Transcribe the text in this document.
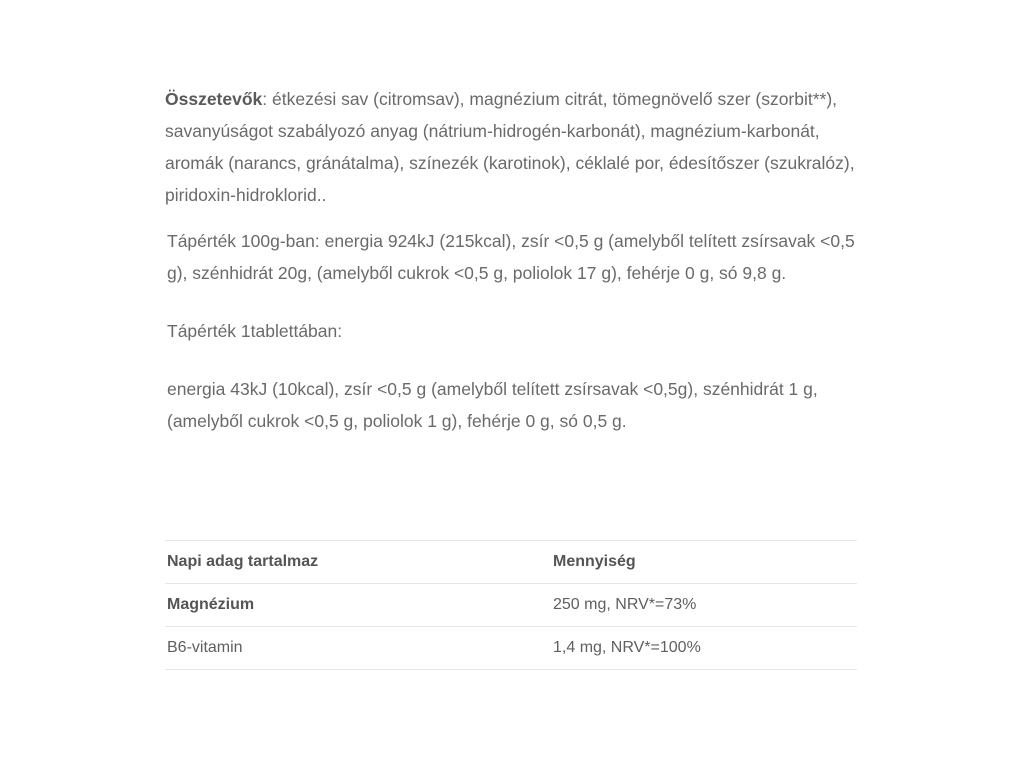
Összetevők: étkezési sav (citromsav), magnézium citrát, tömegnövelő szer (szorbit**), savanyúságot szabályozó anyag (nátrium-hidrogén-karbonát), magnézium-karbonát, aromák (narancs, gránátalma), színezék (karotinok), céklalé por, édesítőszer (szukralóz), piridoxin-hidroklorid..

Tápérték 100g-ban: energia 924kJ (215kcal), zsír <0,5 g (amelyből telített zsírsavak <0,5 g), szénhidrát 20g, (amelyből cukrok <0,5 g, poliolok 17 g), fehérje 0 g, só 9,8 g.

Tápérték 1tablettában:

energia 43kJ (10kcal), zsír <0,5 g (amelyből telített zsírsavak <0,5g), szénhidrát 1 g, (amelyből cukrok <0,5 g, poliolok 1 g), fehérje 0 g, só 0,5 g.

Napi adag tartalmaz	Mennyiség
Magnézium	250 mg, NRV*=73%
B6-vitamin	1,4 mg, NRV*=100%
